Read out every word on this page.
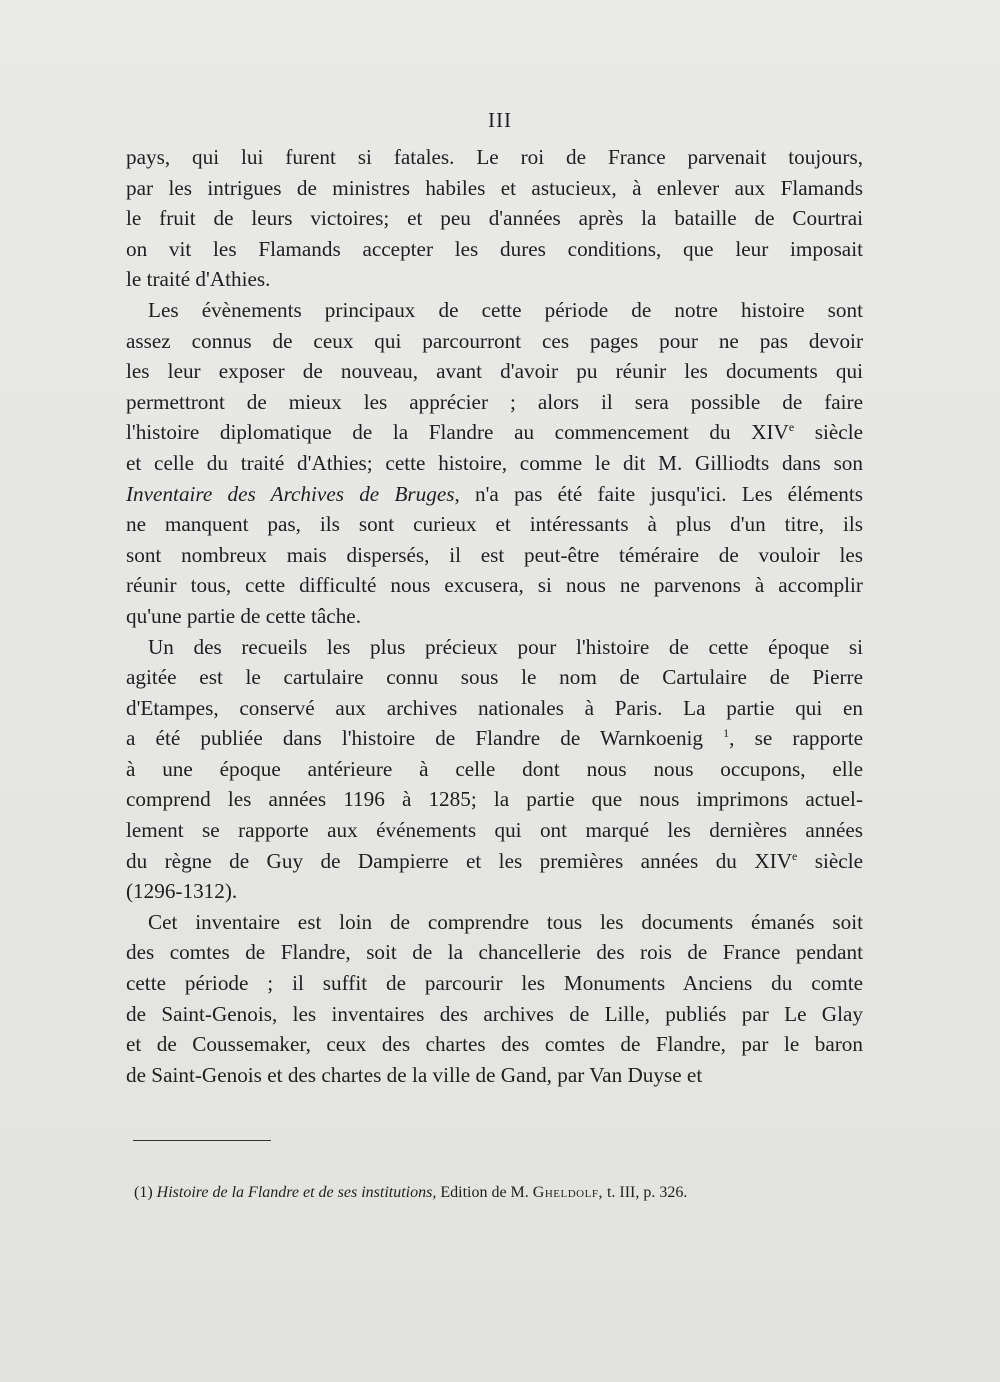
III
pays, qui lui furent si fatales. Le roi de France parvenait toujours,
par les intrigues de ministres habiles et astucieux, à enlever aux Flamands
le fruit de leurs victoires; et peu d'années après la bataille de Courtrai
on vit les Flamands accepter les dures conditions, que leur imposait
le traité d'Athies.
Les évènements principaux de cette période de notre histoire sont
assez connus de ceux qui parcourront ces pages pour ne pas devoir
les leur exposer de nouveau, avant d'avoir pu réunir les documents qui
permettront de mieux les apprécier ; alors il sera possible de faire
l'histoire diplomatique de la Flandre au commencement du XIVe siècle
et celle du traité d'Athies; cette histoire, comme le dit M. Gilliodts dans son
Inventaire des Archives de Bruges, n'a pas été faite jusqu'ici. Les éléments
ne manquent pas, ils sont curieux et intéressants à plus d'un titre, ils
sont nombreux mais dispersés, il est peut-être téméraire de vouloir les
réunir tous, cette difficulté nous excusera, si nous ne parvenons à accomplir
qu'une partie de cette tâche.
Un des recueils les plus précieux pour l'histoire de cette époque si
agitée est le cartulaire connu sous le nom de Cartulaire de Pierre
d'Etampes, conservé aux archives nationales à Paris. La partie qui en
a été publiée dans l'histoire de Flandre de Warnkoenig $^1$, se rapporte
à une époque antérieure à celle dont nous nous occupons, elle
comprend les années 1196 à 1285; la partie que nous imprimons actuel-
lement se rapporte aux événements qui ont marqué les dernières années
du règne de Guy de Dampierre et les premières années du XIVe siècle
(1296-1312).
Cet inventaire est loin de comprendre tous les documents émanés soit
des comtes de Flandre, soit de la chancellerie des rois de France pendant
cette période ; il suffit de parcourir les Monuments Anciens du comte
de Saint-Genois, les inventaires des archives de Lille, publiés par Le Glay
et de Coussemaker, ceux des chartes des comtes de Flandre, par le baron
de Saint-Genois et des chartes de la ville de Gand, par Van Duyse et
(1) Histoire de la Flandre et de ses institutions, Edition de M. Gheldolf, t. III, p. 326.
